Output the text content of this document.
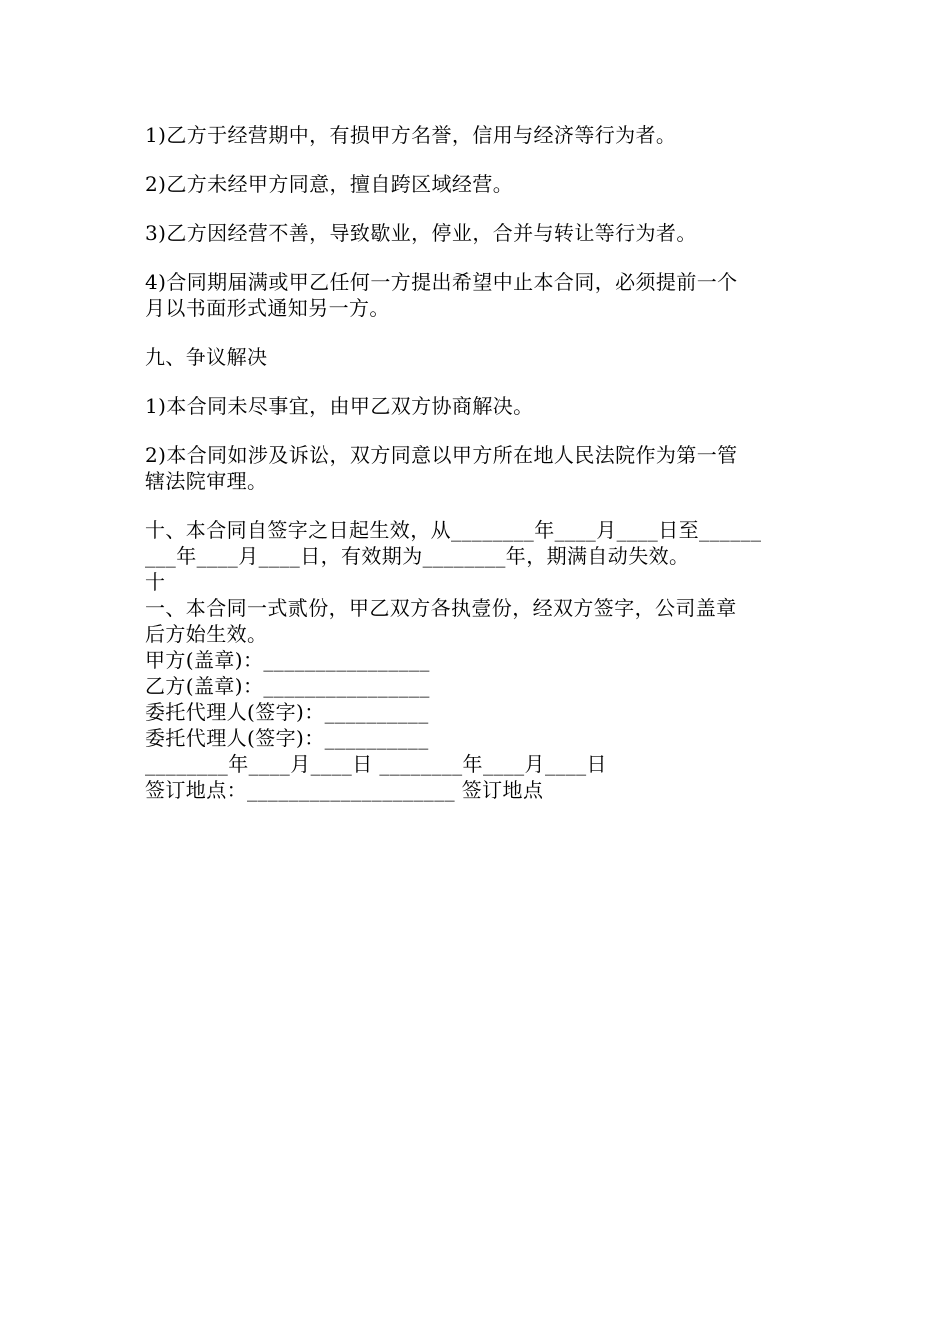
1)乙方于经营期中，有损甲方名誉，信用与经济等行为者。

2)乙方未经甲方同意，擅自跨区域经营。

3)乙方因经营不善，导致歇业，停业，合并与转让等行为者。

4)合同期届满或甲乙任何一方提出希望中止本合同，必须提前一个
月以书面形式通知另一方。

九、争议解决

1)本合同未尽事宜，由甲乙双方协商解决。

2)本合同如涉及诉讼，双方同意以甲方所在地人民法院作为第一管
辖法院审理。
十、本合同自签字之日起生效，从________年____月____日至______
___年____月____日，有效期为________年，期满自动失效。
十
一、本合同一式贰份，甲乙双方各执壹份，经双方签字，公司盖章
后方始生效。
甲方(盖章)：________________
乙方(盖章)：________________
委托代理人(签字)：__________
委托代理人(签字)：__________
________年____月____日 ________年____月____日
签订地点：____________________ 签订地点
